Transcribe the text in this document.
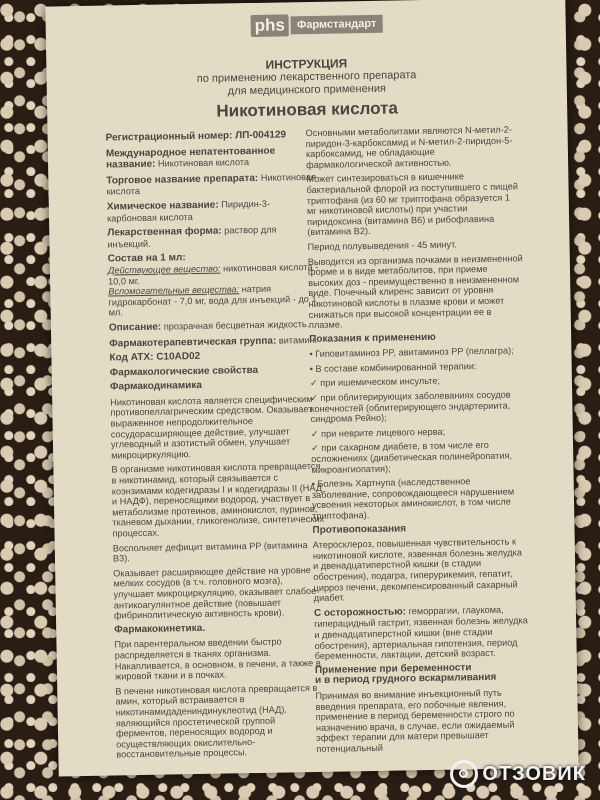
phs	Фармстандарт
ИНСТРУКЦИЯ
по применению лекарственного препарата
для медицинского применения
Никотиновая кислота

Регистрационный номер: ЛП-004129

Международное непатентованное название: Никотиновая кислота

Торговое название препарата: Никотиновая кислота

Химическое название: Пиридин-3-карбоновая кислота

Лекарственная форма: раствор для инъекций.

Состав на 1 мл:

Действующее вещество: никотиновая кислота - 10,0 мг.

Вспомогательные вещества: натрия гидрокарбонат - 7,0 мг, вода для инъекций - до 1 мл.

Описание: прозрачная бесцветная жидкость.

Фармакотерапевтическая группа: витамин.

Код АТХ: C10AD02

Фармакологические свойства

Фармакодинамика

Никотиновая кислота является специфическим противопеллагрическим средством. Оказывает выраженное непродолжительное сосудорасширяющее действие, улучшает углеводный и азотистый обмен, улучшает микроциркуляцию.

В организме никотиновая кислота превращается в никотинамид, который связывается с коэнзимами кодегидразы I и кодегидразы II (НАД и НАДФ), переносящими водород, участвует в метаболизме протеинов, аминокислот, пуринов, тканевом дыхании, гликогенолизе, синтетических процессах.

Восполняет дефицит витамина PP (витамина B3).

Оказывает расширяющее действие на уровне мелких сосудов (в т.ч. головного мозга), улучшает микроциркуляцию, оказывает слабое антикоагулянтное действие (повышает фибринолитическую активность крови).

Фармакокинетика.

При парентеральном введении быстро распределяется в тканях организма. Накапливается, в основном, в печени, а также в жировой ткани и в почках.

В печени никотиновая кислота превращается в амин, который встраивается в никотинамидадениндинуклеотид (НАД), являющийся простетической группой ферментов, переносящих водород и осуществляющих окислительно-восстановительные процессы.

Основными метаболитами являются N-метил-2-пиридон-3-карбоксамид и N-метил-2-пиридон-5-карбоксамид, не обладающие фармакологической активностью.

Может синтезироваться в кишечнике бактериальной флорой из поступившего с пищей триптофана (из 60 мг триптофана образуется 1 мг никотиновой кислоты) при участии пиридоксина (витамина B6) и рибофлавина (витамина B2).

Период полувыведения - 45 минут.

Выводится из организма почками в неизмененной форме и в виде метаболитов, при приеме высоких доз - преимущественно в неизмененном виде. Почечный клиренс зависит от уровня никотиновой кислоты в плазме крови и может снижаться при высокой концентрации ее в плазме.

Показания к применению

• Гиповитаминоз PP, авитаминоз PP (пеллагра);

• В составе комбинированной терапии:

✓ при ишемическом инсульте;

✓ при облитерирующих заболеваниях сосудов конечностей (облитерирующего эндартериита, синдрома Рейно);

✓ при неврите лицевого нерва;

✓ при сахарном диабете, в том числе его осложнениях (диабетическая полинейропатия, микроангиопатия);

• Болезнь Хартнупа (наследственное заболевание, сопровождающееся нарушением усвоения некоторых аминокислот, в том числе триптофана).

Противопоказания

Атеросклероз, повышенная чувствительность к никотиновой кислоте, язвенная болезнь желудка и двенадцатиперстной кишки (в стадии обострения), подагра, гиперурикемия, гепатит, цирроз печени, декомпенсированный сахарный диабет.

С осторожностью: геморрагии, глаукома, гиперацидный гастрит, язвенная болезнь желудка и двенадцатиперстной кишки (вне стадии обострения), артериальная гипотензия, период беременности, лактации, детский возраст.

Применение при беременности

и в период грудного вскармливания

Принимая во внимание инъекционный путь введения препарата, его побочные явления, применение в период беременности строго по назначению врача, в случае, если ожидаемый эффект терапии для матери превышает потенциальный

ОТЗОВИК
